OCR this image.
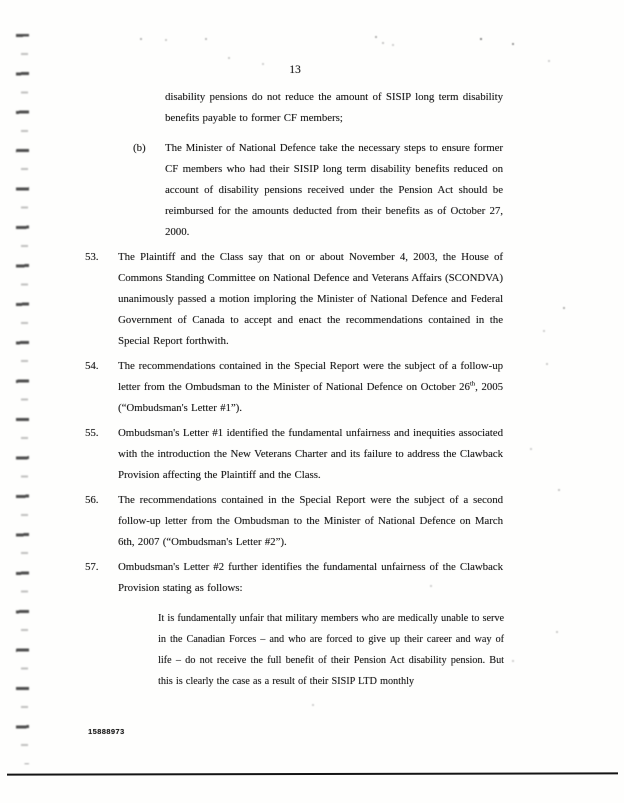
13
disability pensions do not reduce the amount of SISIP long term disability benefits payable to former CF members;
(b)	The Minister of National Defence take the necessary steps to ensure former CF members who had their SISIP long term disability benefits reduced on account of disability pensions received under the Pension Act should be reimbursed for the amounts deducted from their benefits as of October 27, 2000.
53.	The Plaintiff and the Class say that on or about November 4, 2003, the House of Commons Standing Committee on National Defence and Veterans Affairs (SCONDVA) unanimously passed a motion imploring the Minister of National Defence and Federal Government of Canada to accept and enact the recommendations contained in the Special Report forthwith.
54.	The recommendations contained in the Special Report were the subject of a follow-up letter from the Ombudsman to the Minister of National Defence on October 26th, 2005 (“Ombudsman's Letter #1”).
55.	Ombudsman's Letter #1 identified the fundamental unfairness and inequities associated with the introduction the New Veterans Charter and its failure to address the Clawback Provision affecting the Plaintiff and the Class.
56.	The recommendations contained in the Special Report were the subject of a second follow-up letter from the Ombudsman to the Minister of National Defence on March 6th, 2007 (“Ombudsman's Letter #2”).
57.	Ombudsman's Letter #2 further identifies the fundamental unfairness of the Clawback Provision stating as follows:
It is fundamentally unfair that military members who are medically unable to serve in the Canadian Forces – and who are forced to give up their career and way of life – do not receive the full benefit of their Pension Act disability pension. But this is clearly the case as a result of their SISIP LTD monthly
15888973
